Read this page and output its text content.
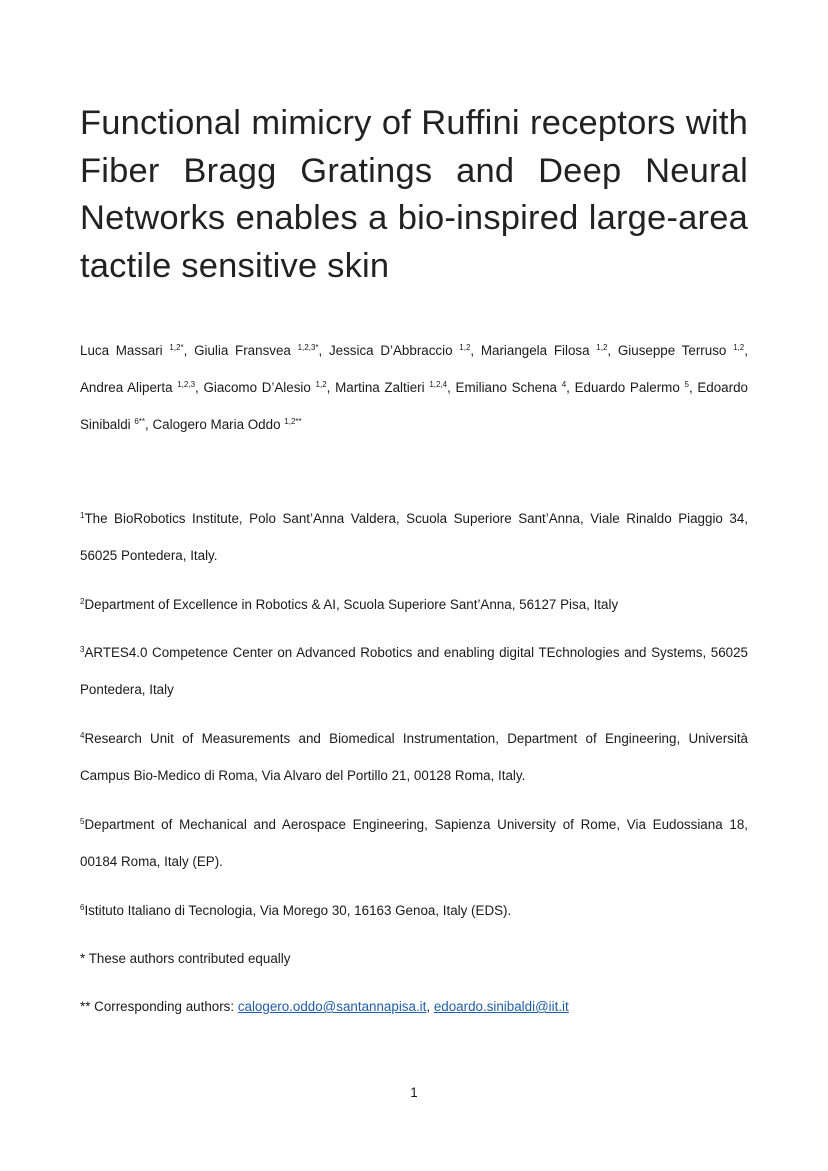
Functional mimicry of Ruffini receptors with Fiber Bragg Gratings and Deep Neural Networks enables a bio-inspired large-area tactile sensitive skin

Luca Massari $^{1,2*}$, Giulia Fransvea $^{1,2,3*}$, Jessica D’Abbraccio $^{1,2}$, Mariangela Filosa $^{1,2}$, Giuseppe Terruso $^{1,2}$, Andrea Aliperta $^{1,2,3}$, Giacomo D’Alesio $^{1,2}$, Martina Zaltieri $^{1,2,4}$, Emiliano Schena $^4$, Eduardo Palermo $^5$, Edoardo Sinibaldi $^{6**}$, Calogero Maria Oddo $^{1,2**}$

$^1$The BioRobotics Institute, Polo Sant’Anna Valdera, Scuola Superiore Sant’Anna, Viale Rinaldo Piaggio 34, 56025 Pontedera, Italy.

$^2$Department of Excellence in Robotics & AI, Scuola Superiore Sant’Anna, 56127 Pisa, Italy

$^3$ARTES4.0 Competence Center on Advanced Robotics and enabling digital TEchnologies and Systems, 56025 Pontedera, Italy

$^4$Research Unit of Measurements and Biomedical Instrumentation, Department of Engineering, Università Campus Bio-Medico di Roma, Via Alvaro del Portillo 21, 00128 Roma, Italy.

$^5$Department of Mechanical and Aerospace Engineering, Sapienza University of Rome, Via Eudossiana 18, 00184 Roma, Italy (EP).

$^6$Istituto Italiano di Tecnologia, Via Morego 30, 16163 Genoa, Italy (EDS).

* These authors contributed equally

** Corresponding authors: calogero.oddo@santannapisa.it, edoardo.sinibaldi@iit.it

1
